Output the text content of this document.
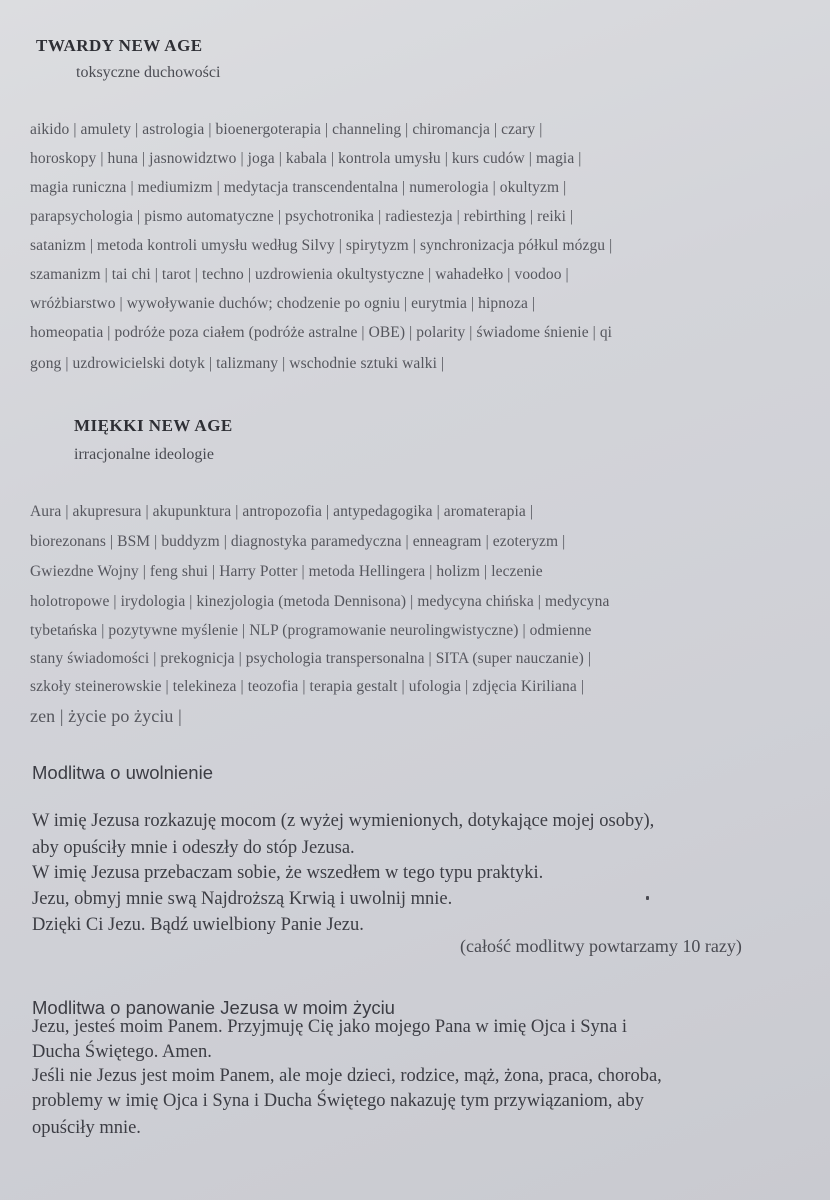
TWARDY NEW AGE
toksyczne duchowości
aikido | amulety | astrologia | bioenergoterapia | channeling | chiromancja | czary |
horoskopy | huna | jasnowidztwo | joga | kabala | kontrola umysłu | kurs cudów | magia |
magia runiczna | mediumizm | medytacja transcendentalna | numerologia | okultyzm |
parapsychologia | pismo automatyczne | psychotronika | radiestezja | rebirthing | reiki |
satanizm | metoda kontroli umysłu według Silvy | spirytyzm | synchronizacja półkul mózgu |
szamanizm | tai chi | tarot | techno | uzdrowienia okultystyczne | wahadełko | voodoo |
wróżbiarstwo | wywoływanie duchów; chodzenie po ogniu | eurytmia | hipnoza |
homeopatia | podróże poza ciałem (podróże astralne | OBE) | polarity | świadome śnienie | qi
gong | uzdrowicielski dotyk | talizmany | wschodnie sztuki walki |
MIĘKKI NEW AGE
irracjonalne ideologie
Aura | akupresura | akupunktura | antropozofia | antypedagogika | aromaterapia |
biorezonans | BSM | buddyzm | diagnostyka paramedyczna | enneagram | ezoteryzm |
Gwiezdne Wojny | feng shui | Harry Potter | metoda Hellingera | holizm | leczenie
holotropowe | irydologia | kinezjologia (metoda Dennisona) | medycyna chińska | medycyna
tybetańska | pozytywne myślenie | NLP (programowanie neurolingwistyczne) | odmienne
stany świadomości | prekognicja | psychologia transpersonalna | SITA (super nauczanie) |
szkoły steinerowskie | telekineza | teozofia | terapia gestalt | ufologia | zdjęcia Kiriliana |
zen | życie po życiu |
Modlitwa o uwolnienie
W imię Jezusa rozkazuję mocom (z wyżej wymienionych, dotykające mojej osoby),
aby opuściły mnie i odeszły do stóp Jezusa.
W imię Jezusa przebaczam sobie, że wszedłem w tego typu praktyki.
Jezu, obmyj mnie swą Najdroższą Krwią i uwolnij mnie.
Dzięki Ci Jezu. Bądź uwielbiony Panie Jezu.
(całość modlitwy powtarzamy 10 razy)
Modlitwa o panowanie Jezusa w moim życiu
Jezu, jesteś moim Panem. Przyjmuję Cię jako mojego Pana w imię Ojca i Syna i
Ducha Świętego. Amen.
Jeśli nie Jezus jest moim Panem, ale moje dzieci, rodzice, mąż, żona, praca, choroba,
problemy w imię Ojca i Syna i Ducha Świętego nakazuję tym przywiązaniom, aby
opuściły mnie.
